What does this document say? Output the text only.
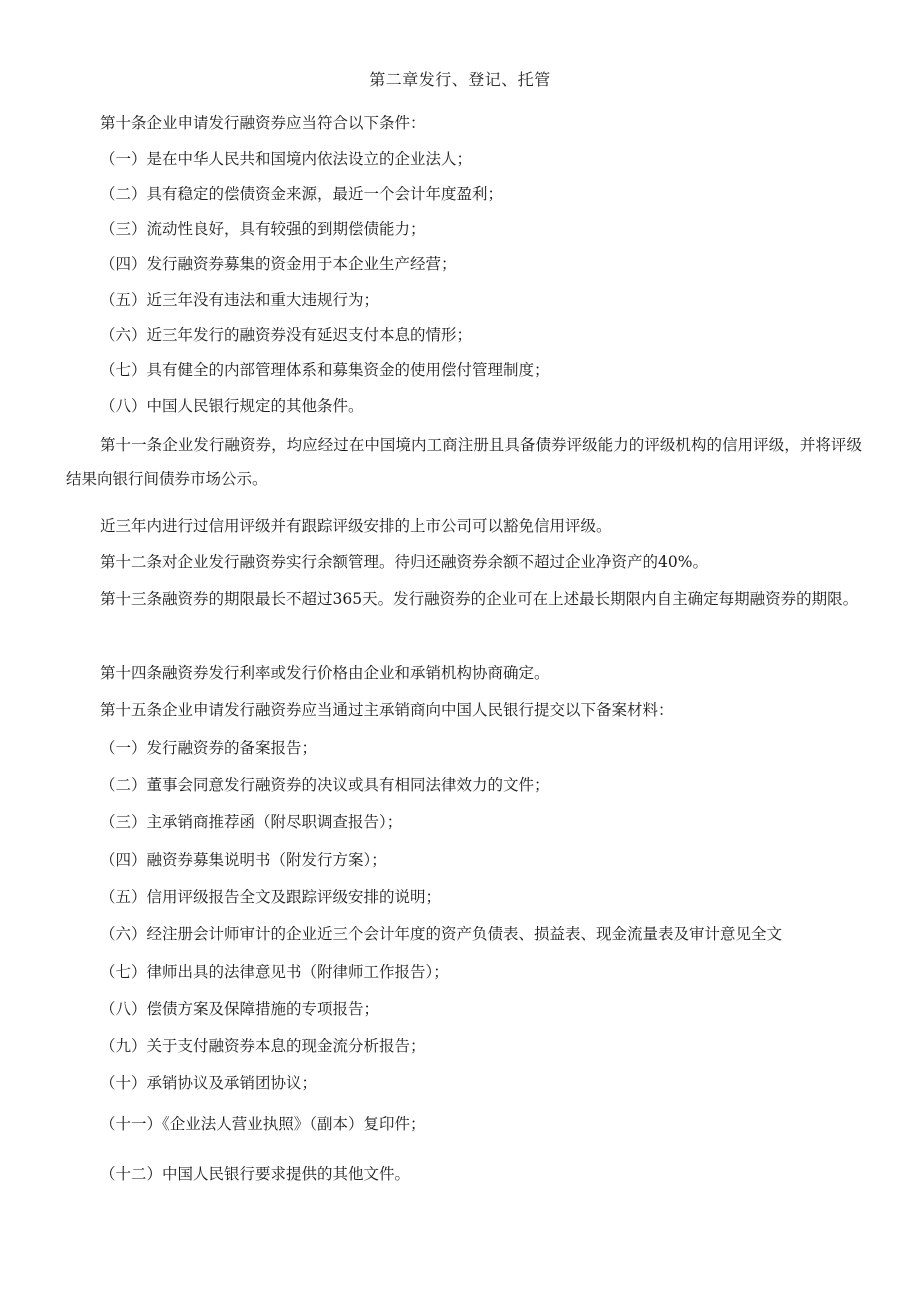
第二章发行、登记、托管
第十条企业申请发行融资券应当符合以下条件：
（一）是在中华人民共和国境内依法设立的企业法人；
（二）具有稳定的偿债资金来源，最近一个会计年度盈利；
（三）流动性良好，具有较强的到期偿债能力；
（四）发行融资券募集的资金用于本企业生产经营；
（五）近三年没有违法和重大违规行为；
（六）近三年发行的融资券没有延迟支付本息的情形；
（七）具有健全的内部管理体系和募集资金的使用偿付管理制度；
（八）中国人民银行规定的其他条件。
第十一条企业发行融资券，均应经过在中国境内工商注册且具备债券评级能力的评级机构的信用评级，并将评级结果向银行间债券市场公示。
近三年内进行过信用评级并有跟踪评级安排的上市公司可以豁免信用评级。
第十二条对企业发行融资券实行余额管理。待归还融资券余额不超过企业净资产的40%。
第十三条融资券的期限最长不超过365天。发行融资券的企业可在上述最长期限内自主确定每期融资券的期限。
第十四条融资券发行利率或发行价格由企业和承销机构协商确定。
第十五条企业申请发行融资券应当通过主承销商向中国人民银行提交以下备案材料：
（一）发行融资券的备案报告；
（二）董事会同意发行融资券的决议或具有相同法律效力的文件；
（三）主承销商推荐函（附尽职调查报告）；
（四）融资券募集说明书（附发行方案）；
（五）信用评级报告全文及跟踪评级安排的说明；
（六）经注册会计师审计的企业近三个会计年度的资产负债表、损益表、现金流量表及审计意见全文
（七）律师出具的法律意见书（附律师工作报告）；
（八）偿债方案及保障措施的专项报告；
（九）关于支付融资券本息的现金流分析报告；
（十）承销协议及承销团协议；
（十一）《企业法人营业执照》（副本）复印件；
（十二）中国人民银行要求提供的其他文件。
